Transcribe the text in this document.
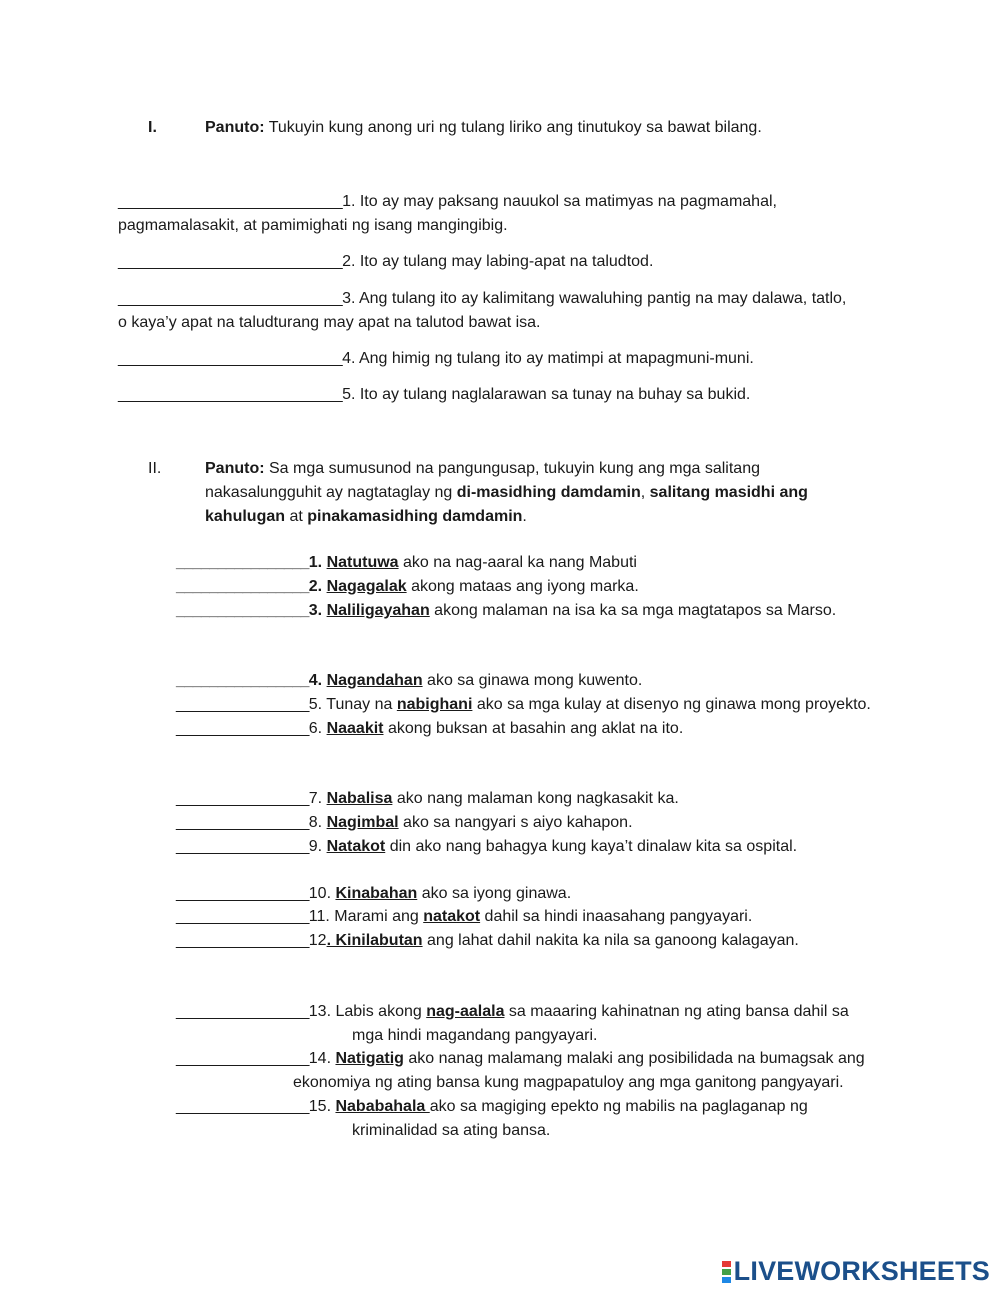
I.	Panuto: Tukuyin kung anong uri ng tulang liriko ang tinutukoy sa bawat bilang.
___________________________1. Ito ay may paksang nauukol sa matimyas na pagmamahal,
pagmamalasakit, at pamimighati ng isang mangingibig.
___________________________2. Ito ay tulang may labing-apat na taludtod.
___________________________3. Ang tulang ito ay kalimitang wawaluhing pantig na may dalawa, tatlo,
o kaya’y apat na taludturang may apat na talutod bawat isa.
___________________________4. Ang himig ng tulang ito ay matimpi at mapagmuni-muni.
___________________________5. Ito ay tulang naglalarawan sa tunay na buhay sa bukid.
II.	Panuto: Sa mga sumusunod na pangungusap, tukuyin kung ang mga salitang
nakasalungguhit ay nagtataglay ng di-masidhing damdamin, salitang masidhi ang
kahulugan at pinakamasidhing damdamin.
________________1. Natutuwa ako na nag-aaral ka nang Mabuti
________________2. Nagagalak akong mataas ang iyong marka.
________________3. Naliligayahan akong malaman na isa ka sa mga magtatapos sa Marso.
________________4. Nagandahan ako sa ginawa mong kuwento.
________________5. Tunay na nabighani ako sa mga kulay at disenyo ng ginawa mong proyekto.
________________6. Naaakit akong buksan at basahin ang aklat na ito.
________________7. Nabalisa ako nang malaman kong nagkasakit ka.
________________8. Nagimbal ako sa nangyari s aiyo kahapon.
________________9. Natakot din ako nang bahagya kung kaya’t dinalaw kita sa ospital.
________________10. Kinabahan ako sa iyong ginawa.
________________11. Marami ang natakot dahil sa hindi inaasahang pangyayari.
________________12. Kinilabutan ang lahat dahil nakita ka nila sa ganoong kalagayan.
________________13. Labis akong nag-aalala sa maaaring kahinatnan ng ating bansa dahil sa
mga hindi magandang pangyayari.
________________14. Natigatig ako nanag malamang malaki ang posibilidada na bumagsak ang
ekonomiya ng ating bansa kung magpapatuloy ang mga ganitong pangyayari.
________________15. Nababahala ako sa magiging epekto ng mabilis na paglaganap ng
kriminalidad sa ating bansa.
LIVEWORKSHEETS
